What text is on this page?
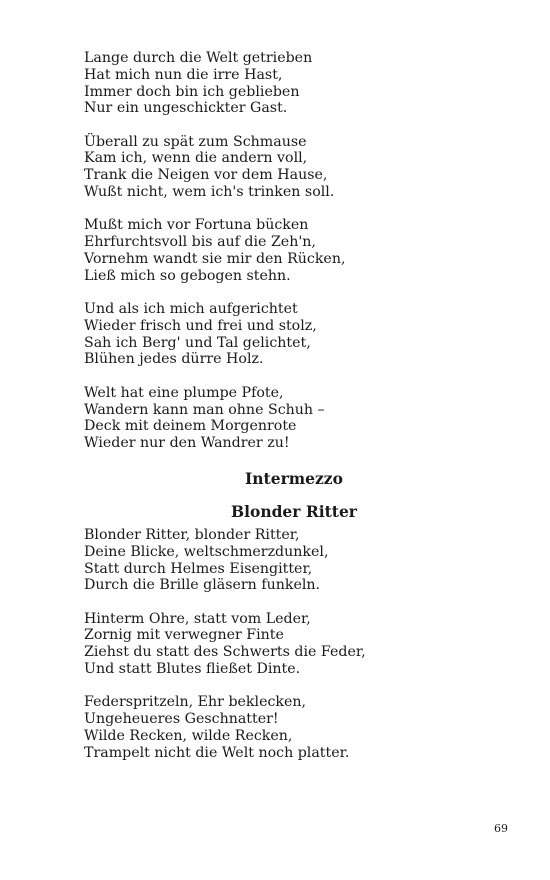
Lange durch die Welt getrieben
Hat mich nun die irre Hast,
Immer doch bin ich geblieben
Nur ein ungeschickter Gast.
Überall zu spät zum Schmause
Kam ich, wenn die andern voll,
Trank die Neigen vor dem Hause,
Wußt nicht, wem ich's trinken soll.
Mußt mich vor Fortuna bücken
Ehrfurchtsvoll bis auf die Zeh'n,
Vornehm wandt sie mir den Rücken,
Ließ mich so gebogen stehn.
Und als ich mich aufgerichtet
Wieder frisch und frei und stolz,
Sah ich Berg' und Tal gelichtet,
Blühen jedes dürre Holz.
Welt hat eine plumpe Pfote,
Wandern kann man ohne Schuh –
Deck mit deinem Morgenrote
Wieder nur den Wandrer zu!
Intermezzo
Blonder Ritter
Blonder Ritter, blonder Ritter,
Deine Blicke, weltschmerzdunkel,
Statt durch Helmes Eisengitter,
Durch die Brille gläsern funkeln.
Hinterm Ohre, statt vom Leder,
Zornig mit verwegner Finte
Ziehst du statt des Schwerts die Feder,
Und statt Blutes fließet Dinte.
Federspritzeln, Ehr beklecken,
Ungeheueres Geschnatter!
Wilde Recken, wilde Recken,
Trampelt nicht die Welt noch platter.
69
